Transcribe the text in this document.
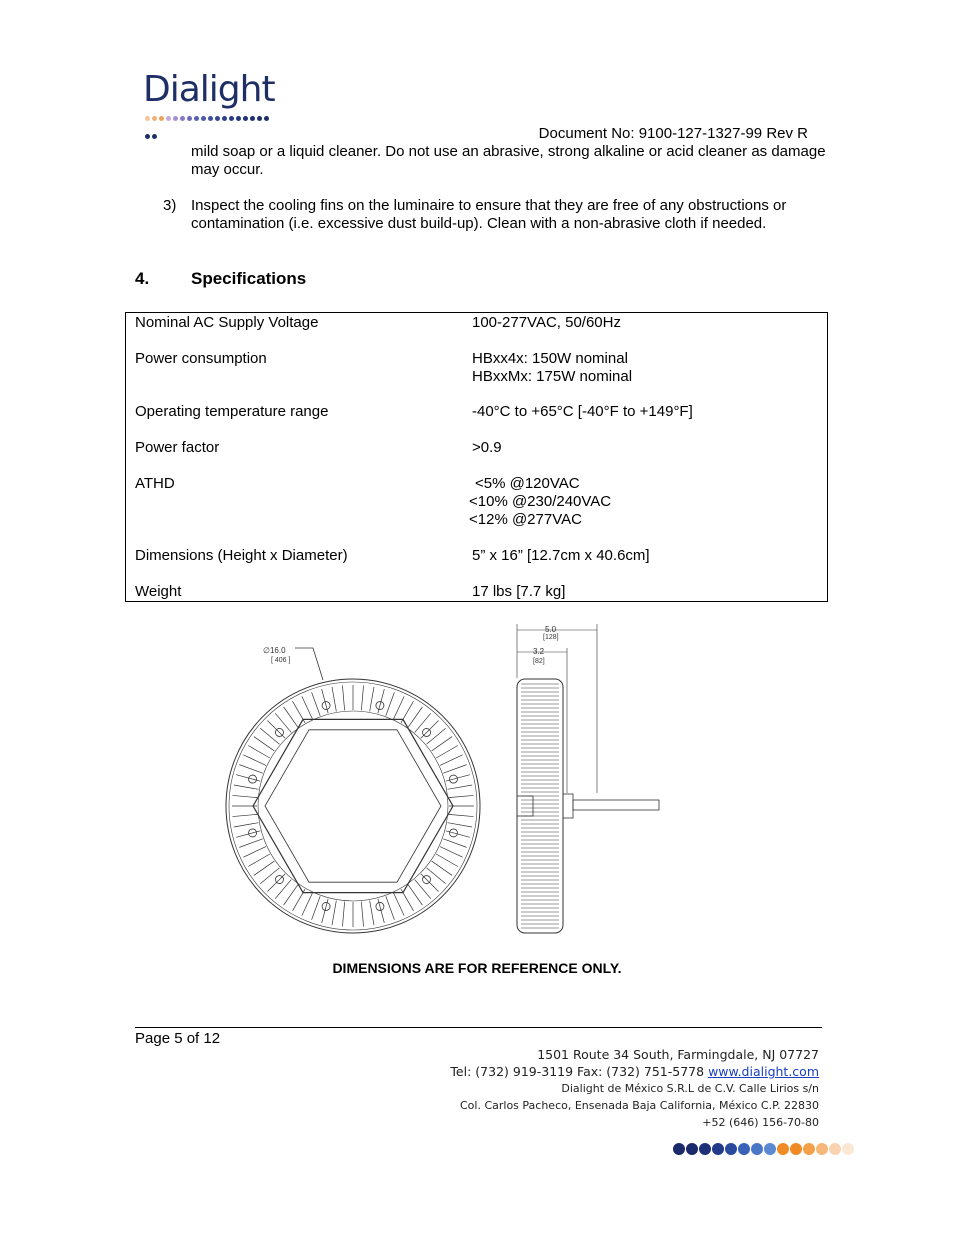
Dialight
Document No: 9100-127-1327-99 Rev R
mild soap or a liquid cleaner. Do not use an abrasive, strong alkaline or acid cleaner as damage may occur.
3) Inspect the cooling fins on the luminaire to ensure that they are free of any obstructions or contamination (i.e. excessive dust build-up). Clean with a non-abrasive cloth if needed.
4. Specifications
Nominal AC Supply Voltage	100-277VAC, 50/60Hz
Power consumption	HBxx4x: 150W nominal
HBxxMx: 175W nominal
Operating temperature range	-40°C to +65°C [-40°F to +149°F]
Power factor	>0.9
ATHD	<5% @120VAC
<10% @230/240VAC
<12% @277VAC
Dimensions (Height x Diameter)	5” x 16” [12.7cm x 40.6cm]
Weight	17 lbs [7.7 kg]
∅16.0
[ 406 ]
5.0
[128]
3.2
[82]
DIMENSIONS ARE FOR REFERENCE ONLY.
Page 5 of 12
1501 Route 34 South, Farmingdale, NJ 07727
Tel: (732) 919-3119 Fax: (732) 751-5778 www.dialight.com
Dialight de México S.R.L de C.V. Calle Lirios s/n
Col. Carlos Pacheco, Ensenada Baja California, México C.P. 22830
+52 (646) 156-70-80
